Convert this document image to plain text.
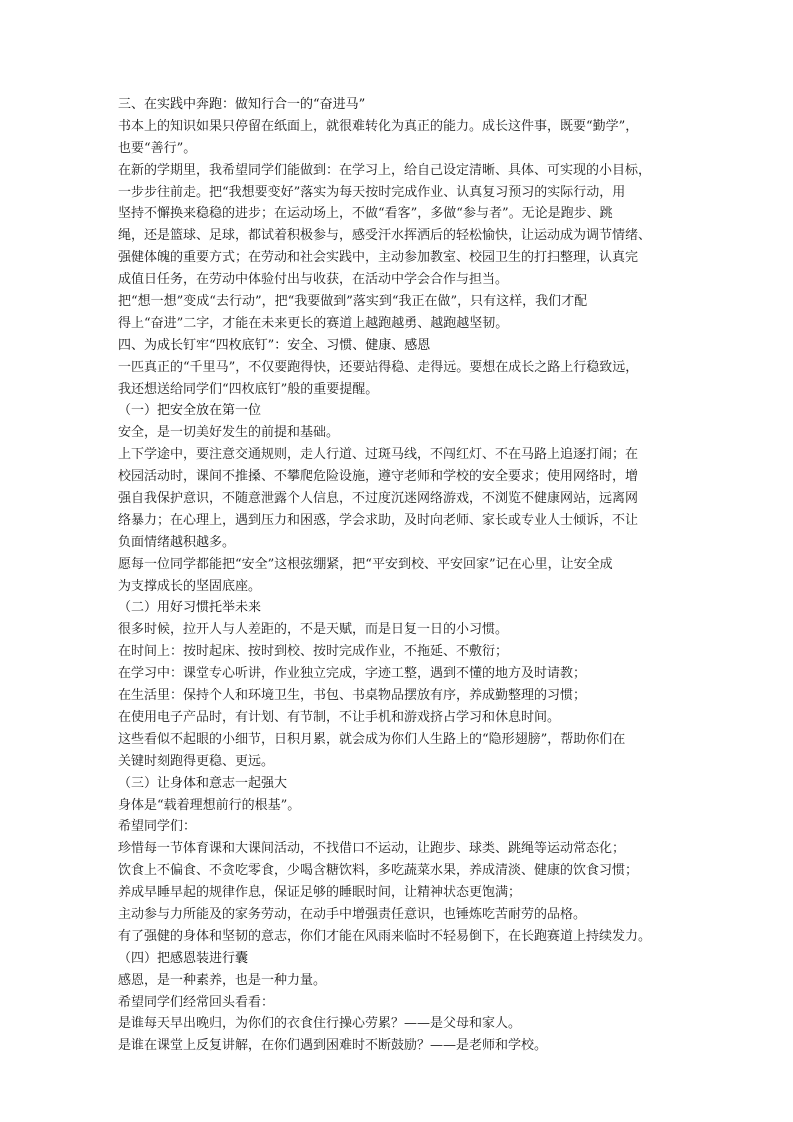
三、在实践中奔跑：做知行合一的“奋进马”
书本上的知识如果只停留在纸面上，就很难转化为真正的能力。成长这件事，既要“勤学”，
也要“善行”。
在新的学期里，我希望同学们能做到：在学习上，给自己设定清晰、具体、可实现的小目标，
一步步往前走。把“我想要变好”落实为每天按时完成作业、认真复习预习的实际行动，用
坚持不懈换来稳稳的进步；在运动场上，不做“看客”，多做“参与者”。无论是跑步、跳
绳，还是篮球、足球，都试着积极参与，感受汗水挥洒后的轻松愉快，让运动成为调节情绪、
强健体魄的重要方式；在劳动和社会实践中，主动参加教室、校园卫生的打扫整理，认真完
成值日任务，在劳动中体验付出与收获，在活动中学会合作与担当。
把“想一想”变成“去行动”，把“我要做到”落实到“我正在做”，只有这样，我们才配
得上“奋进”二字，才能在未来更长的赛道上越跑越勇、越跑越坚韧。
四、为成长钉牢“四枚底钉”：安全、习惯、健康、感恩
一匹真正的“千里马”，不仅要跑得快，还要站得稳、走得远。要想在成长之路上行稳致远，
我还想送给同学们“四枚底钉”般的重要提醒。
（一）把安全放在第一位
安全，是一切美好发生的前提和基础。
上下学途中，要注意交通规则，走人行道、过斑马线，不闯红灯、不在马路上追逐打闹；在
校园活动时，课间不推搡、不攀爬危险设施，遵守老师和学校的安全要求；使用网络时，增
强自我保护意识，不随意泄露个人信息，不过度沉迷网络游戏，不浏览不健康网站，远离网
络暴力；在心理上，遇到压力和困惑，学会求助，及时向老师、家长或专业人士倾诉，不让
负面情绪越积越多。
愿每一位同学都能把“安全”这根弦绷紧，把“平安到校、平安回家”记在心里，让安全成
为支撑成长的坚固底座。
（二）用好习惯托举未来
很多时候，拉开人与人差距的，不是天赋，而是日复一日的小习惯。
在时间上：按时起床、按时到校、按时完成作业，不拖延、不敷衍；
在学习中：课堂专心听讲，作业独立完成，字迹工整，遇到不懂的地方及时请教；
在生活里：保持个人和环境卫生，书包、书桌物品摆放有序，养成勤整理的习惯；
在使用电子产品时，有计划、有节制，不让手机和游戏挤占学习和休息时间。
这些看似不起眼的小细节，日积月累，就会成为你们人生路上的“隐形翅膀”，帮助你们在
关键时刻跑得更稳、更远。
（三）让身体和意志一起强大
身体是“载着理想前行的根基”。
希望同学们：
珍惜每一节体育课和大课间活动，不找借口不运动，让跑步、球类、跳绳等运动常态化；
饮食上不偏食、不贪吃零食，少喝含糖饮料，多吃蔬菜水果，养成清淡、健康的饮食习惯；
养成早睡早起的规律作息，保证足够的睡眠时间，让精神状态更饱满；
主动参与力所能及的家务劳动，在动手中增强责任意识，也锤炼吃苦耐劳的品格。
有了强健的身体和坚韧的意志，你们才能在风雨来临时不轻易倒下，在长跑赛道上持续发力。
（四）把感恩装进行囊
感恩，是一种素养，也是一种力量。
希望同学们经常回头看看：
是谁每天早出晚归，为你们的衣食住行操心劳累？——是父母和家人。
是谁在课堂上反复讲解，在你们遇到困难时不断鼓励？——是老师和学校。
